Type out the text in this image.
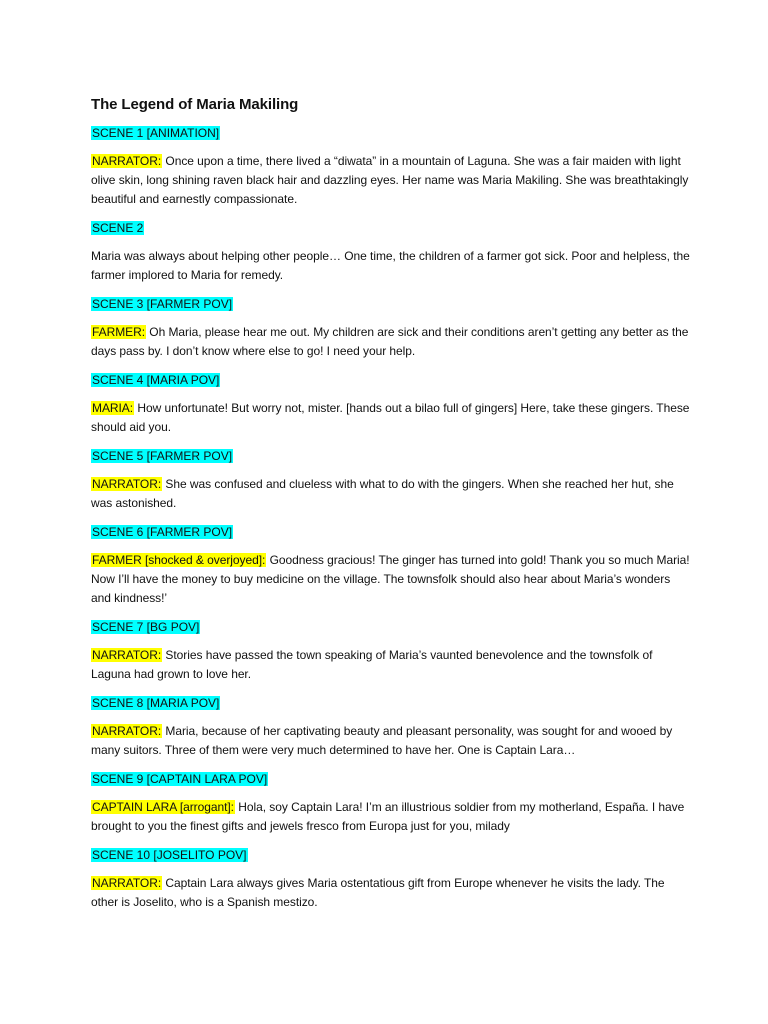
The Legend of Maria Makiling
SCENE 1 [ANIMATION]
NARRATOR: Once upon a time, there lived a “diwata” in a mountain of Laguna. She was a fair maiden with light olive skin, long shining raven black hair and dazzling eyes. Her name was Maria Makiling. She was breathtakingly beautiful and earnestly compassionate.
SCENE 2
Maria was always about helping other people… One time, the children of a farmer got sick. Poor and helpless, the farmer implored to Maria for remedy.
SCENE 3 [FARMER POV]
FARMER: Oh Maria, please hear me out. My children are sick and their conditions aren’t getting any better as the days pass by. I don’t know where else to go! I need your help.
SCENE 4 [MARIA POV]
MARIA: How unfortunate! But worry not, mister. [hands out a bilao full of gingers] Here, take these gingers. These should aid you.
SCENE 5 [FARMER POV]
NARRATOR: She was confused and clueless with what to do with the gingers. When she reached her hut, she was astonished.
SCENE 6 [FARMER POV]
FARMER [shocked & overjoyed]: Goodness gracious! The ginger has turned into gold! Thank you so much Maria! Now I’ll have the money to buy medicine on the village. The townsfolk should also hear about Maria’s wonders and kindness!’
SCENE 7 [BG POV]
NARRATOR: Stories have passed the town speaking of Maria’s vaunted benevolence and the townsfolk of Laguna had grown to love her.
SCENE 8 [MARIA POV]
NARRATOR: Maria, because of her captivating beauty and pleasant personality, was sought for and wooed by many suitors. Three of them were very much determined to have her. One is Captain Lara…
SCENE 9 [CAPTAIN LARA POV]
CAPTAIN LARA [arrogant]: Hola, soy Captain Lara! I’m an illustrious soldier from my motherland, España. I have brought to you the finest gifts and jewels fresco from Europa just for you, milady
SCENE 10 [JOSELITO POV]
NARRATOR: Captain Lara always gives Maria ostentatious gift from Europe whenever he visits the lady. The other is Joselito, who is a Spanish mestizo.
